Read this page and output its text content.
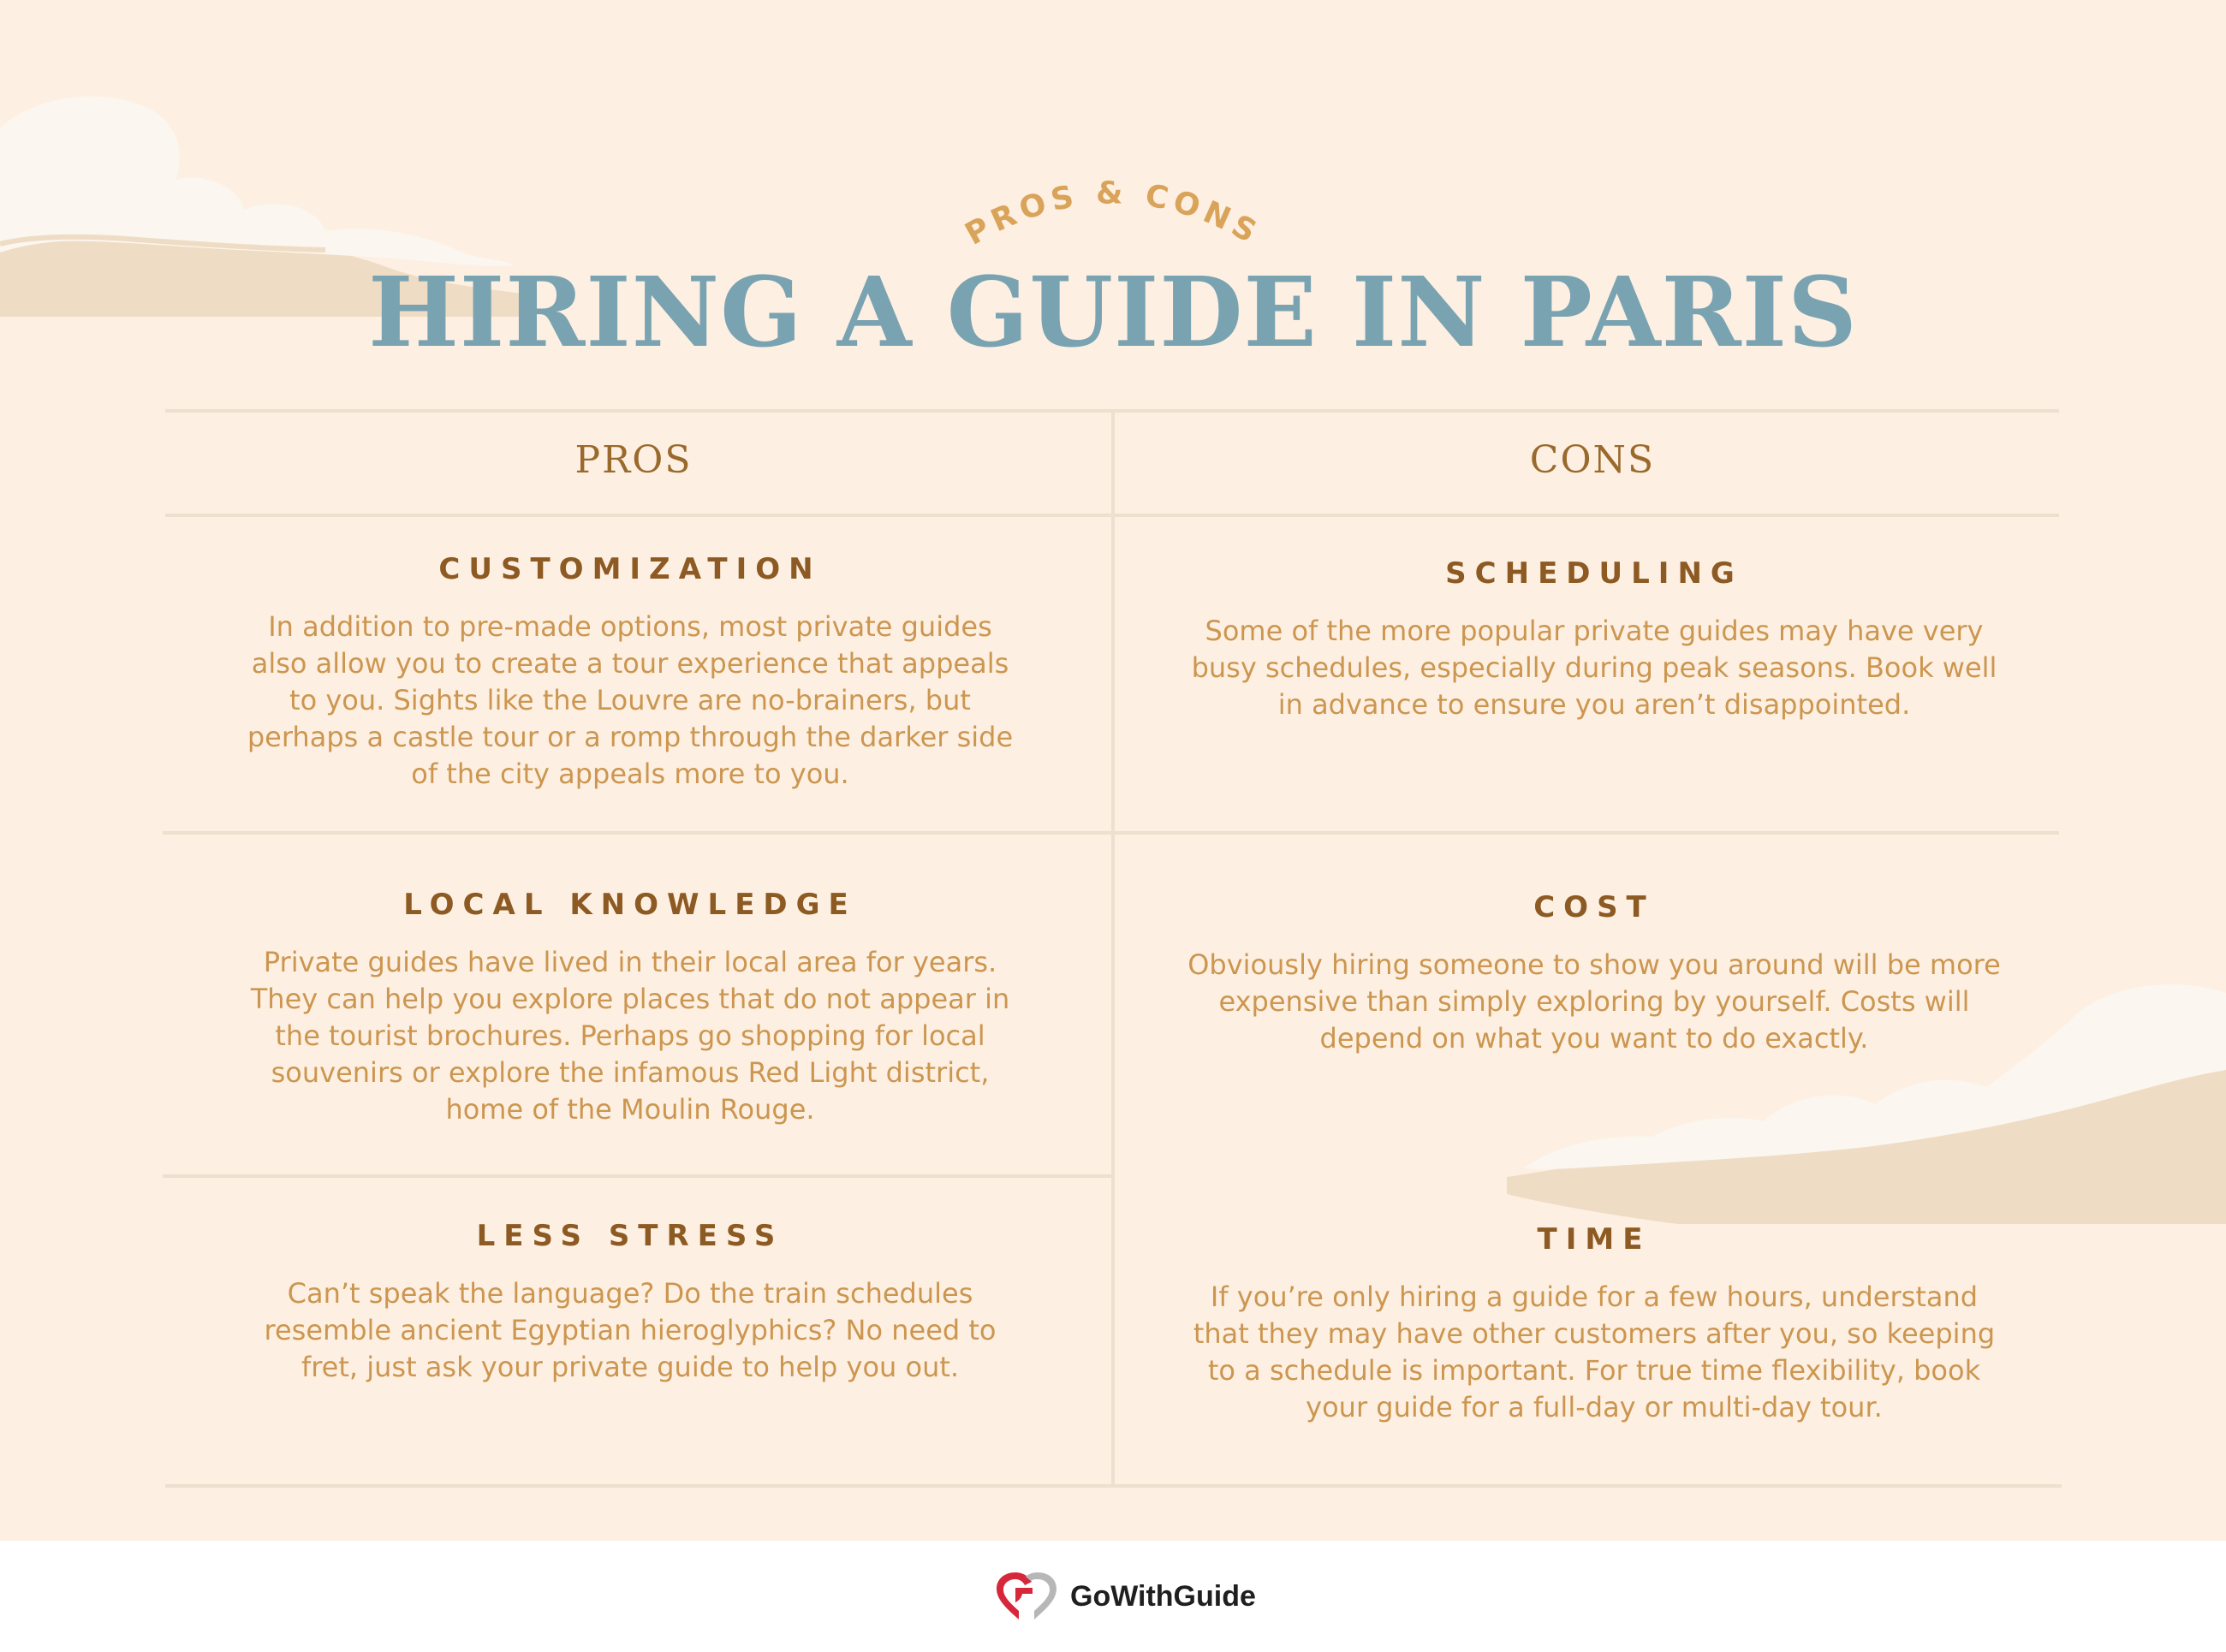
PROS & CONS
HIRING A GUIDE IN PARIS
PROS	CONS

CUSTOMIZATION

In addition to pre-made options, most private guides
also allow you to create a tour experience that appeals
to you. Sights like the Louvre are no-brainers, but
perhaps a castle tour or a romp through the darker side
of the city appeals more to you.

LOCAL KNOWLEDGE

Private guides have lived in their local area for years.
They can help you explore places that do not appear in
the tourist brochures. Perhaps go shopping for local
souvenirs or explore the infamous Red Light district,
home of the Moulin Rouge.

LESS STRESS

Can’t speak the language? Do the train schedules
resemble ancient Egyptian hieroglyphics? No need to
fret, just ask your private guide to help you out.

SCHEDULING

Some of the more popular private guides may have very
busy schedules, especially during peak seasons. Book well
in advance to ensure you aren’t disappointed.

COST

Obviously hiring someone to show you around will be more
expensive than simply exploring by yourself. Costs will
depend on what you want to do exactly.

TIME

If you’re only hiring a guide for a few hours, understand
that they may have other customers after you, so keeping
to a schedule is important. For true time flexibility, book
your guide for a full-day or multi-day tour.

GoWithGuide
